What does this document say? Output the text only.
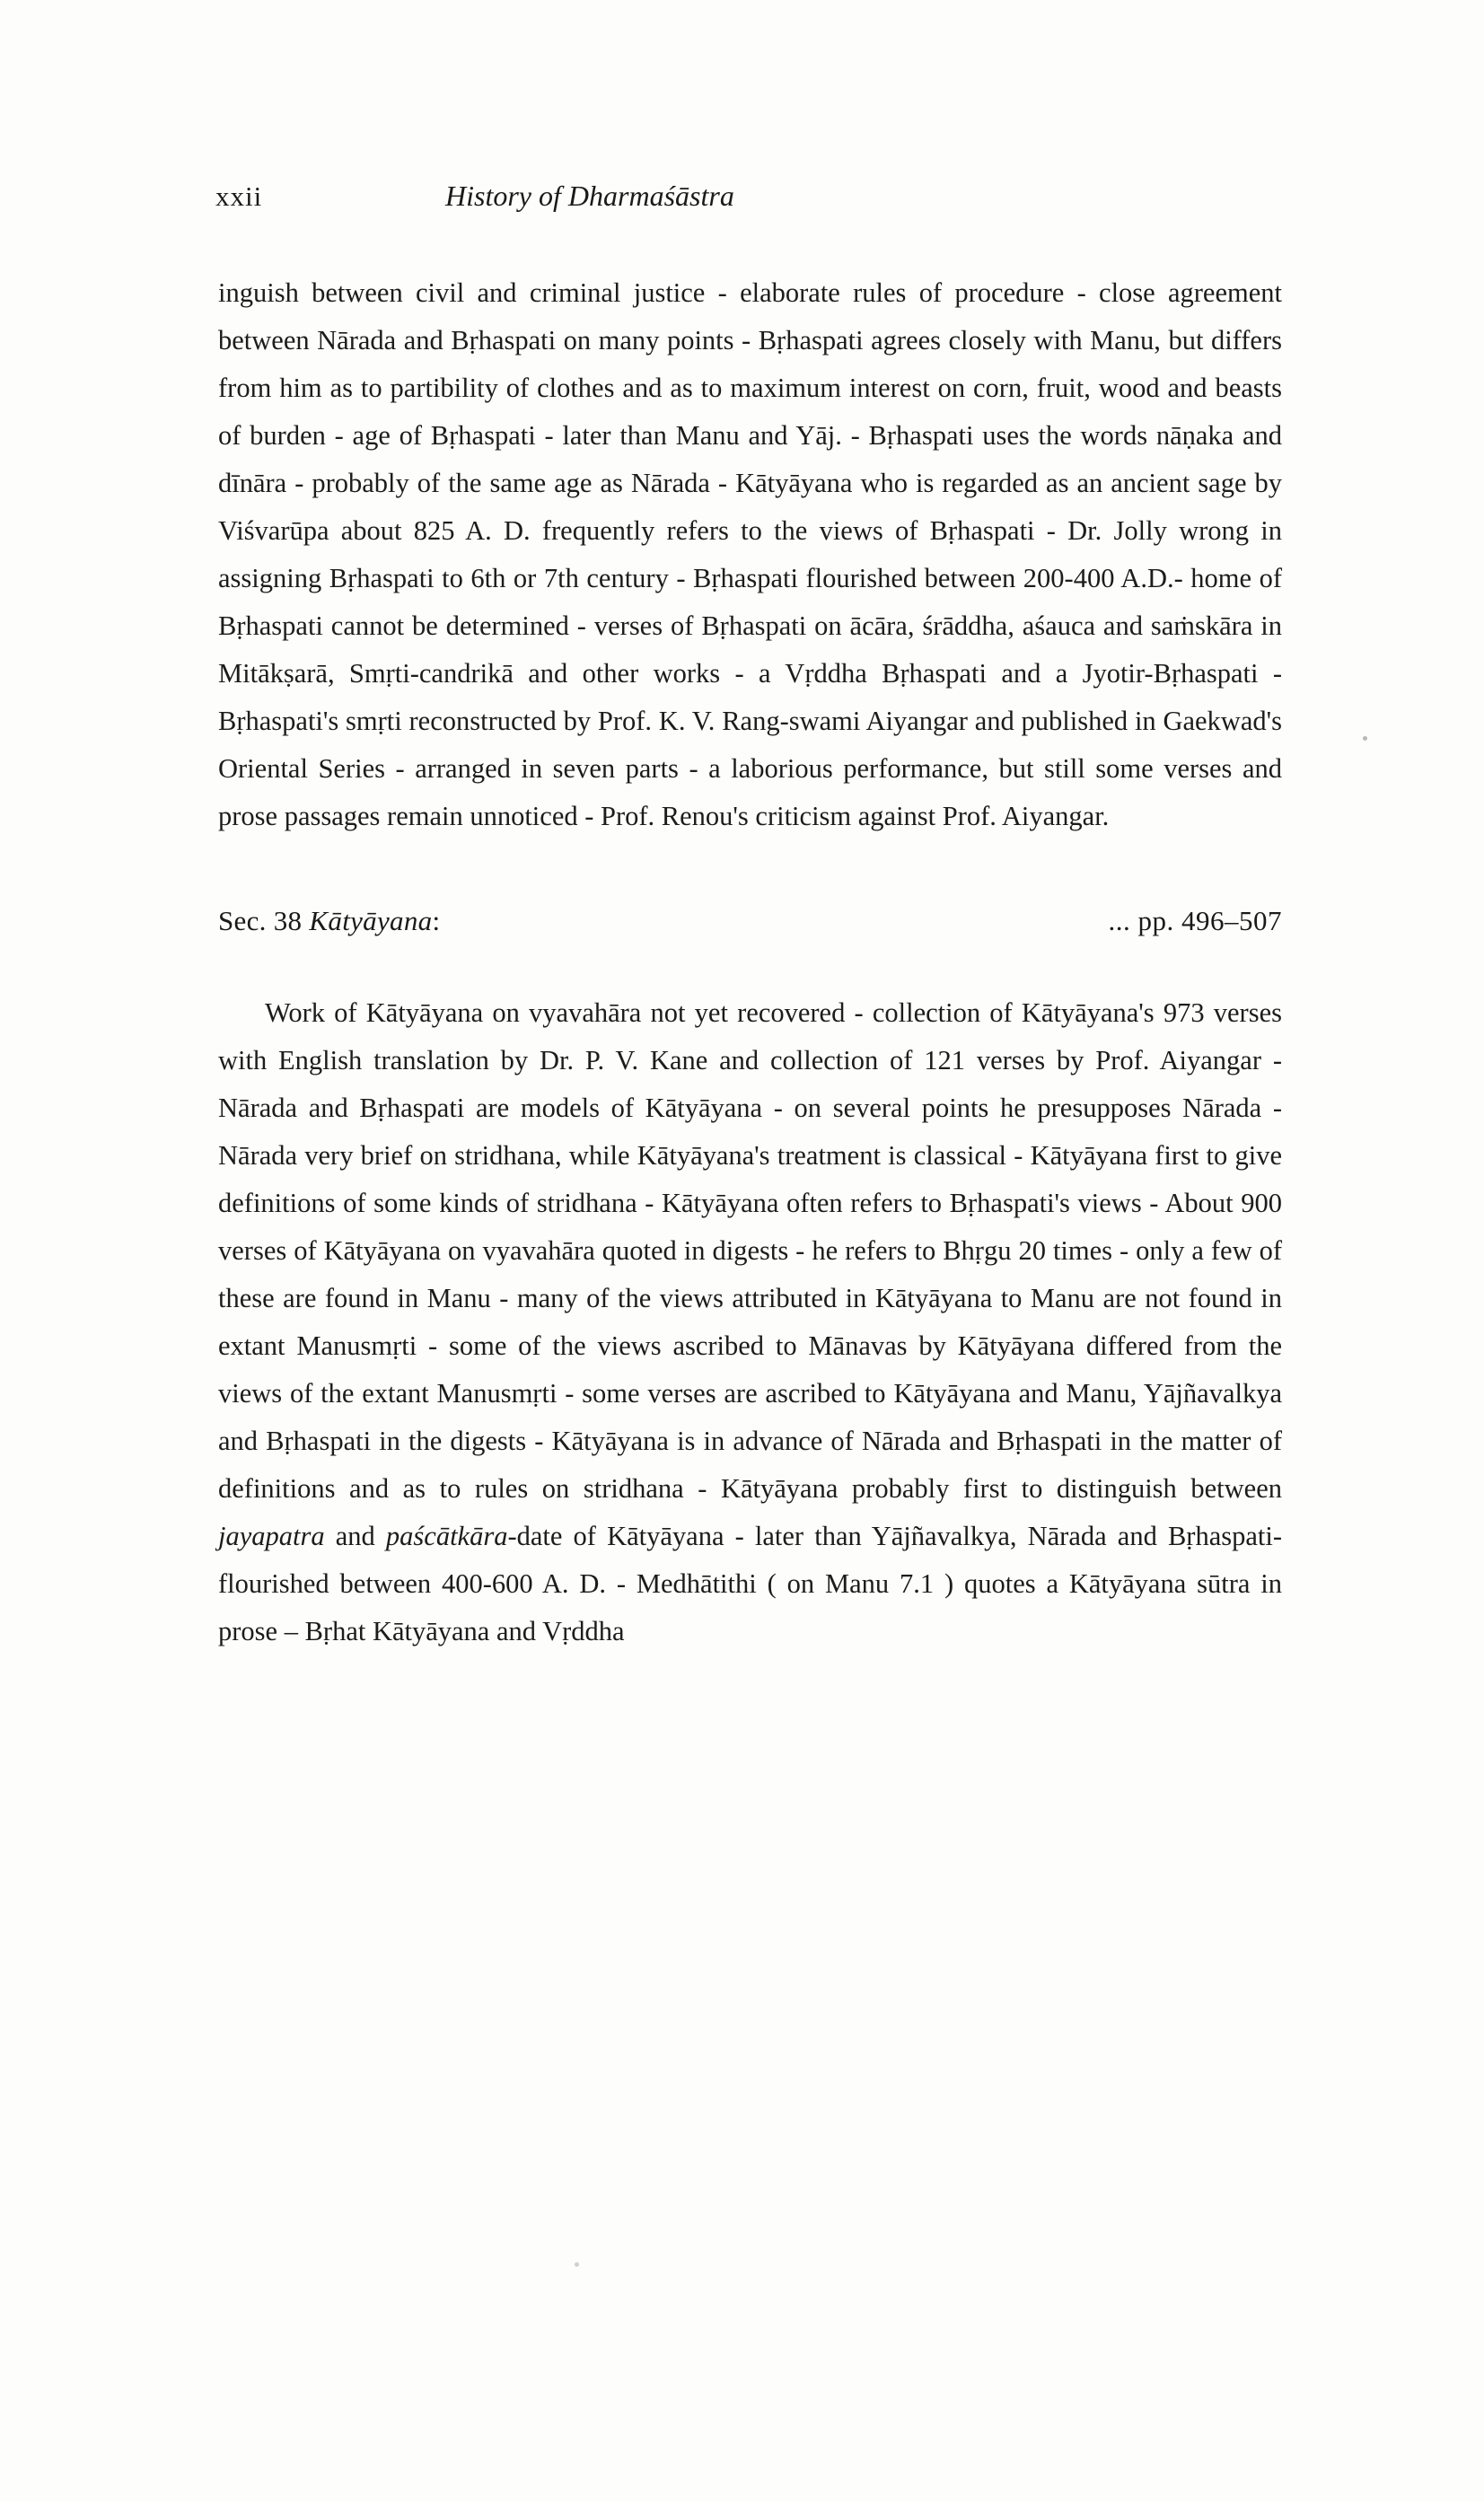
xxii	History of Dharmaśāstra

inguish between civil and criminal justice - elaborate rules of procedure - close agreement between Nārada and Bṛhaspati on many points - Bṛhaspati agrees closely with Manu, but differs from him as to partibility of clothes and as to maximum interest on corn, fruit, wood and beasts of burden - age of Bṛhaspati - later than Manu and Yāj. - Bṛhaspati uses the words nāṇaka and dīnāra - probably of the same age as Nārada - Kātyāyana who is regarded as an ancient sage by Viśvarūpa about 825 A. D. frequently refers to the views of Bṛhaspati - Dr. Jolly wrong in assigning Bṛhaspati to 6th or 7th century - Bṛhaspati flourished between 200-400 A.D.- home of Bṛhaspati cannot be determined - verses of Bṛhaspati on ācāra, śrāddha, aśauca and saṁskāra in Mitākṣarā, Smṛti-candrikā and other works - a Vṛddha Bṛhaspati and a Jyotir-Bṛhaspati - Bṛhaspati's smṛti reconstructed by Prof. K. V. Rang-swami Aiyangar and published in Gaekwad's Oriental Series - arranged in seven parts - a laborious performance, but still some verses and prose passages remain unnoticed - Prof. Renou's criticism against Prof. Aiyangar.

Sec. 38 Kātyāyana:	... pp. 496–507

Work of Kātyāyana on vyavahāra not yet recovered - collection of Kātyāyana's 973 verses with English translation by Dr. P. V. Kane and collection of 121 verses by Prof. Aiyangar - Nārada and Bṛhaspati are models of Kātyāyana - on several points he presupposes Nārada - Nārada very brief on stridhana, while Kātyāyana's treatment is classical - Kātyāyana first to give definitions of some kinds of stridhana - Kātyāyana often refers to Bṛhaspati's views - About 900 verses of Kātyāyana on vyavahāra quoted in digests - he refers to Bhṛgu 20 times - only a few of these are found in Manu - many of the views attributed in Kātyāyana to Manu are not found in extant Manusmṛti - some of the views ascribed to Mānavas by Kātyāyana differed from the views of the extant Manusmṛti - some verses are ascribed to Kātyāyana and Manu, Yājñavalkya and Bṛhaspati in the digests - Kātyāyana is in advance of Nārada and Bṛhaspati in the matter of definitions and as to rules on stridhana - Kātyāyana probably first to distinguish between jayapatra and paścātkāra-date of Kātyāyana - later than Yājñavalkya, Nārada and Bṛhaspati-flourished between 400-600 A. D. - Medhātithi ( on Manu 7.1 ) quotes a Kātyāyana sūtra in prose – Bṛhat Kātyāyana and Vṛddha
